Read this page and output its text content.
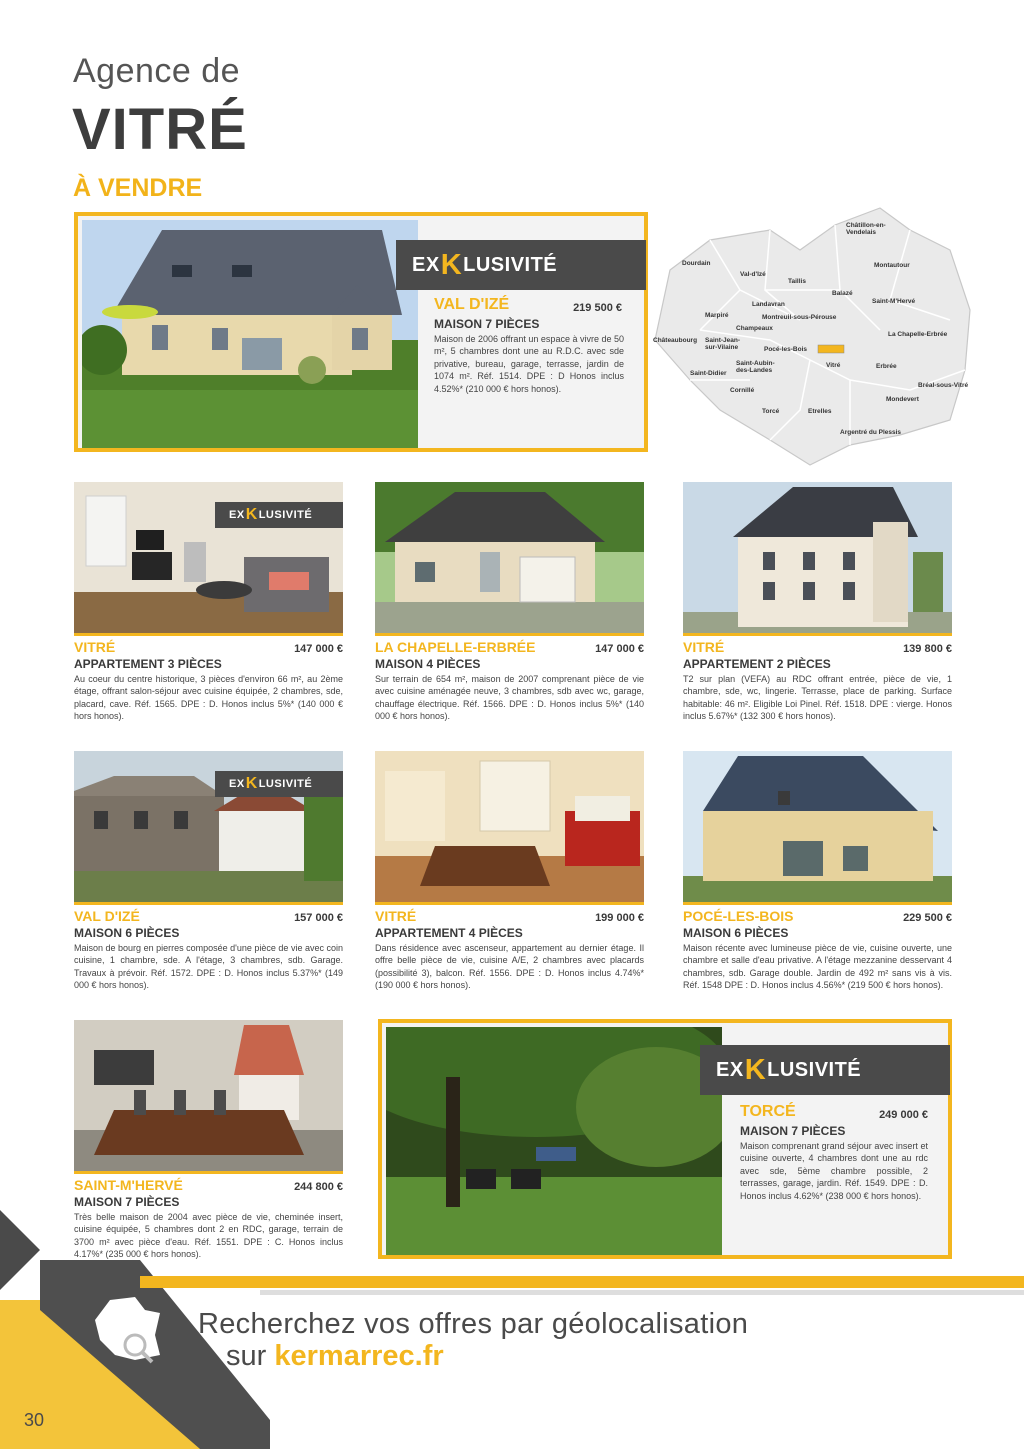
Agence de
VITRÉ
À VENDRE
EX K LUSIVITÉ
VAL D'IZÉ	219 500 €
MAISON 7 PIÈCES
Maison de 2006 offrant un espace à vivre de 50 m², 5 chambres dont une au R.D.C. avec sde privative, bureau, garage, terrasse, jardin de 1074 m². Réf. 1514. DPE : D Honos inclus 4.52%* (210 000 € hors honos).
Châtillon-en-Vendelais
Dourdain	Montautour
Val-d'Izé
Taillis
Balazé
Saint-M'Hervé
Landavran
Marpiré	Montreuil-sous-Pérouse
Champeaux
La Chapelle-Erbrée
Châteaubourg Saint-Jean-sur-Vilaine	Pocé-les-Bois
Saint-Didier
Saint-Aubin-des-Landes
Vitré	Erbrée
Cornillé
Bréal-sous-Vitré
Mondevert
Torcé	Etrelles
Argentré du Plessis
EX K LUSIVITÉ
VITRÉ	147 000 €
APPARTEMENT 3 PIÈCES
Au coeur du centre historique, 3 pièces d'environ 66 m², au 2ème étage, offrant salon-séjour avec cuisine équipée, 2 chambres, sde, placard, cave. Réf. 1565. DPE : D. Honos inclus 5%* (140 000 € hors honos).
LA CHAPELLE-ERBRÉE	147 000 €
MAISON 4 PIÈCES
Sur terrain de 654 m², maison de 2007 comprenant pièce de vie avec cuisine aménagée neuve, 3 chambres, sdb avec wc, garage, chauffage électrique. Réf. 1566. DPE : D. Honos inclus 5%* (140 000 € hors honos).
VITRÉ	139 800 €
APPARTEMENT 2 PIÈCES
T2 sur plan (VEFA) au RDC offrant entrée, pièce de vie, 1 chambre, sde, wc, lingerie. Terrasse, place de parking. Surface habitable: 46 m². Eligible Loi Pinel. Réf. 1518. DPE : vierge. Honos inclus 5.67%* (132 300 € hors honos).
EX K LUSIVITÉ
VAL D'IZÉ	157 000 €
MAISON 6 PIÈCES
Maison de bourg en pierres composée d'une pièce de vie avec coin cuisine, 1 chambre, sde. A l'étage, 3 chambres, sdb. Garage. Travaux à prévoir. Réf. 1572. DPE : D. Honos inclus 5.37%* (149 000 € hors honos).
VITRÉ	199 000 €
APPARTEMENT 4 PIÈCES
Dans résidence avec ascenseur, appartement au dernier étage. Il offre belle pièce de vie, cuisine A/E, 2 chambres avec placards (possibilité 3), balcon. Réf. 1556. DPE : D. Honos inclus 4.74%* (190 000 € hors honos).
POCÉ-LES-BOIS	229 500 €
MAISON 6 PIÈCES
Maison récente avec lumineuse pièce de vie, cuisine ouverte, une chambre et salle d'eau privative. A l'étage mezzanine desservant 4 chambres, sdb. Garage double. Jardin de 492 m² sans vis à vis. Réf. 1548 DPE : D. Honos inclus 4.56%* (219 500 € hors honos).
SAINT-M'HERVÉ	244 800 €
MAISON 7 PIÈCES
Très belle maison de 2004 avec pièce de vie, cheminée insert, cuisine équipée, 5 chambres dont 2 en RDC, garage, terrain de 3700 m² avec pièce d'eau. Réf. 1551. DPE : C. Honos inclus 4.17%* (235 000 € hors honos).
EX K LUSIVITÉ
TORCÉ	249 000 €
MAISON 7 PIÈCES
Maison comprenant grand séjour avec insert et cuisine ouverte, 4 chambres dont une au rdc avec sde, 5ème chambre possible, 2 terrasses, garage, jardin. Réf. 1549. DPE : D. Honos inclus 4.62%* (238 000 € hors honos).
Recherchez vos offres par géolocalisation
sur kermarrec.fr
30
